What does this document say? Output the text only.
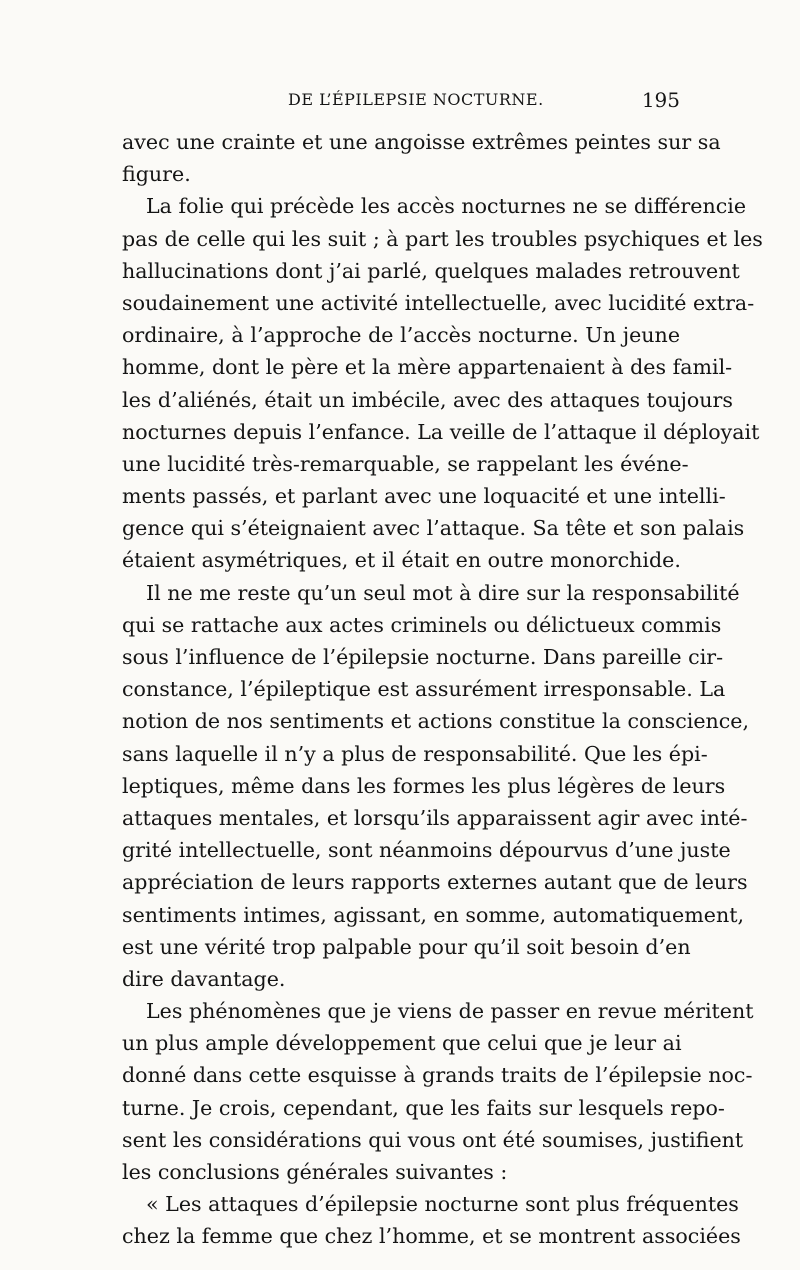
DE L’ÉPILEPSIE NOCTURNE.	195
avec une crainte et une angoisse extrêmes peintes sur sa
figure.
La folie qui précède les accès nocturnes ne se différencie
pas de celle qui les suit ; à part les troubles psychiques et les
hallucinations dont j’ai parlé, quelques malades retrouvent
soudainement une activité intellectuelle, avec lucidité extra-
ordinaire, à l’approche de l’accès nocturne. Un jeune
homme, dont le père et la mère appartenaient à des famil-
les d’aliénés, était un imbécile, avec des attaques toujours
nocturnes depuis l’enfance. La veille de l’attaque il déployait
une lucidité très-remarquable, se rappelant les événe-
ments passés, et parlant avec une loquacité et une intelli-
gence qui s’éteignaient avec l’attaque. Sa tête et son palais
étaient asymétriques, et il était en outre monorchide.
Il ne me reste qu’un seul mot à dire sur la responsabilité
qui se rattache aux actes criminels ou délictueux commis
sous l’influence de l’épilepsie nocturne. Dans pareille cir-
constance, l’épileptique est assurément irresponsable. La
notion de nos sentiments et actions constitue la conscience,
sans laquelle il n’y a plus de responsabilité. Que les épi-
leptiques, même dans les formes les plus légères de leurs
attaques mentales, et lorsqu’ils apparaissent agir avec inté-
grité intellectuelle, sont néanmoins dépourvus d’une juste
appréciation de leurs rapports externes autant que de leurs
sentiments intimes, agissant, en somme, automatiquement,
est une vérité trop palpable pour qu’il soit besoin d’en
dire davantage.
Les phénomènes que je viens de passer en revue méritent
un plus ample développement que celui que je leur ai
donné dans cette esquisse à grands traits de l’épilepsie noc-
turne. Je crois, cependant, que les faits sur lesquels repo-
sent les considérations qui vous ont été soumises, justifient
les conclusions générales suivantes :
« Les attaques d’épilepsie nocturne sont plus fréquentes
chez la femme que chez l’homme, et se montrent associées
